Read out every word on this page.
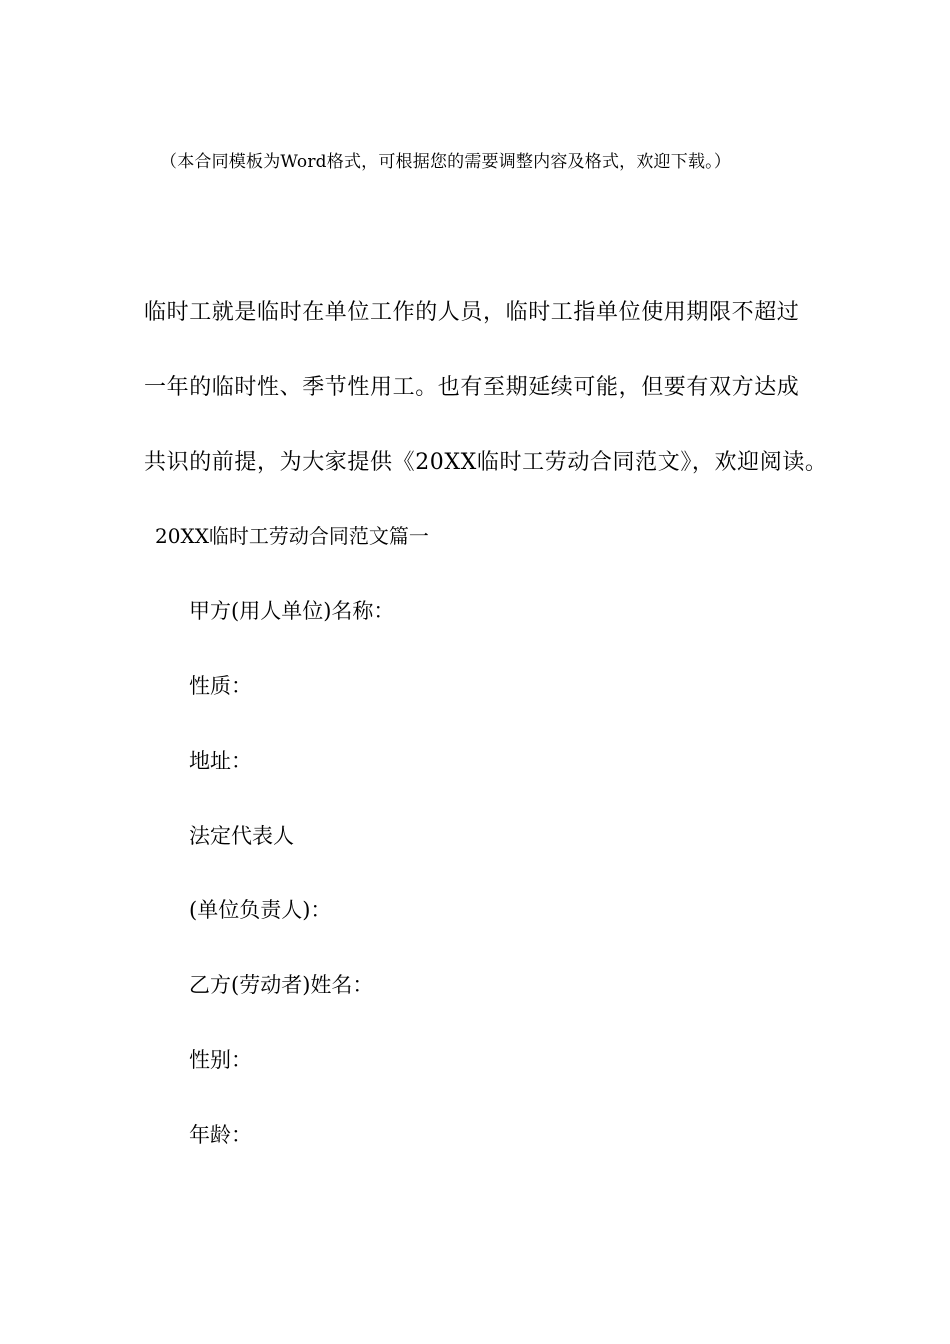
（本合同模板为Word格式，可根据您的需要调整内容及格式，欢迎下载。）
临时工就是临时在单位工作的人员，临时工指单位使用期限不超过
一年的临时性、季节性用工。也有至期延续可能，但要有双方达成
共识的前提，为大家提供《20XX临时工劳动合同范文》，欢迎阅读。
20XX临时工劳动合同范文篇一
甲方(用人单位)名称：
性质：
地址：
法定代表人
(单位负责人)：
乙方(劳动者)姓名：
性别：
年龄：
